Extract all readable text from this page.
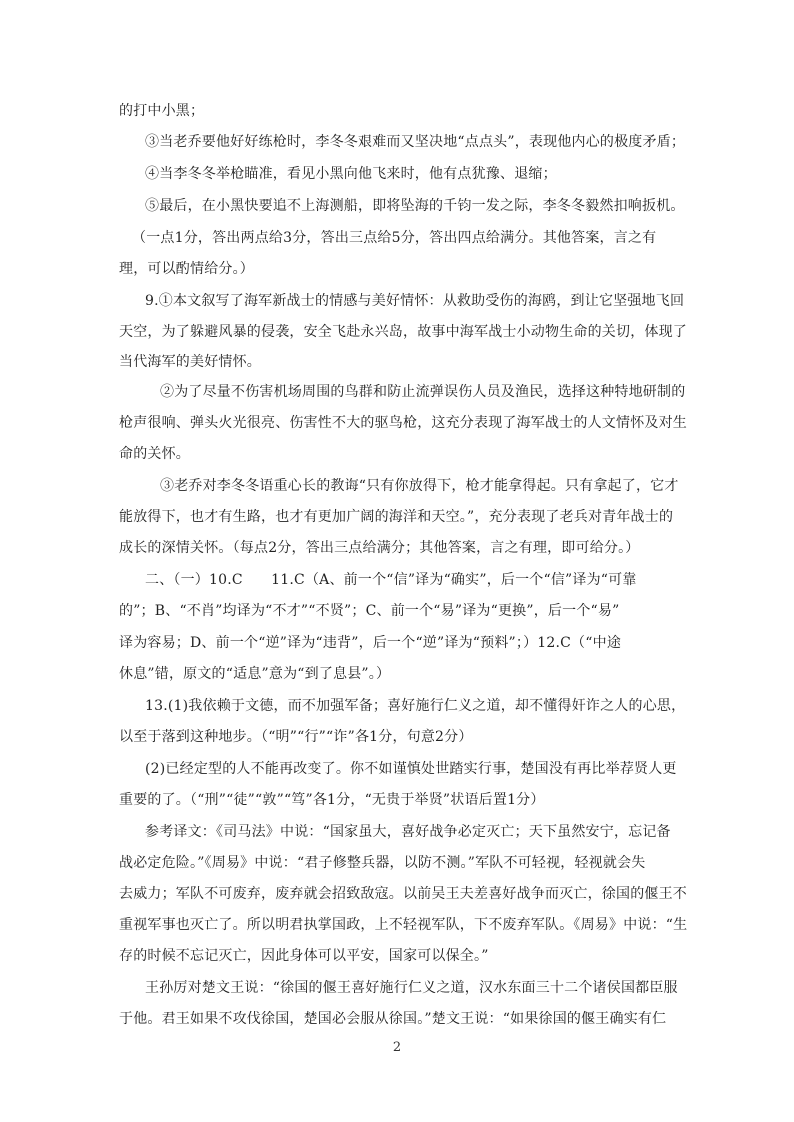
的打中小黑；
③当老乔要他好好练枪时，李冬冬艰难而又坚决地“点点头”，表现他内心的极度矛盾；
④当李冬冬举枪瞄准，看见小黑向他飞来时，他有点犹豫、退缩；
⑤最后，在小黑快要追不上海测船，即将坠海的千钧一发之际，李冬冬毅然扣响扳机。
（一点1分，答出两点给3分，答出三点给5分，答出四点给满分。其他答案，言之有
理，可以酌情给分。）
9.①本文叙写了海军新战士的情感与美好情怀：从救助受伤的海鸥，到让它坚强地飞回
天空，为了躲避风暴的侵袭，安全飞赴永兴岛，故事中海军战士小动物生命的关切，体现了
当代海军的美好情怀。
②为了尽量不伤害机场周围的鸟群和防止流弹误伤人员及渔民，选择这种特地研制的
枪声很响、弹头火光很亮、伤害性不大的驱鸟枪，这充分表现了海军战士的人文情怀及对生
命的关怀。
③老乔对李冬冬语重心长的教诲“只有你放得下，枪才能拿得起。只有拿起了，它才
能放得下，也才有生路，也才有更加广阔的海洋和天空。”，充分表现了老兵对青年战士的
成长的深情关怀。（每点2分，答出三点给满分；其他答案，言之有理，即可给分。）
二、（一）10.C　　11.C（A、前一个“信”译为“确实”，后一个“信”译为“可靠
的”；B、“不肖”均译为“不才”“不贤”；C、前一个“易”译为“更换”，后一个“易”
译为容易；D、前一个“逆”译为“违背”，后一个“逆”译为“预料”；）12.C（“中途
休息”错，原文的“适息”意为“到了息县”。）
13.(1)我依赖于文德，而不加强军备；喜好施行仁义之道，却不懂得奸诈之人的心思，
以至于落到这种地步。（“明”“行”“诈”各1分，句意2分）
(2)已经定型的人不能再改变了。你不如谨慎处世踏实行事，楚国没有再比举荐贤人更
重要的了。（“刑”“徒”“敦”“笃”各1分，“无贵于举贤”状语后置1分）
参考译文：《司马法》中说：“国家虽大，喜好战争必定灭亡；天下虽然安宁，忘记备
战必定危险。”《周易》中说：“君子修整兵器，以防不测。”军队不可轻视，轻视就会失
去威力；军队不可废弃，废弃就会招致敌寇。以前吴王夫差喜好战争而灭亡，徐国的偃王不
重视军事也灭亡了。所以明君执掌国政，上不轻视军队，下不废弃军队。《周易》中说：“生
存的时候不忘记灭亡，因此身体可以平安，国家可以保全。”
王孙厉对楚文王说：“徐国的偃王喜好施行仁义之道，汉水东面三十二个诸侯国都臣服
于他。君王如果不攻伐徐国，楚国必会服从徐国。”楚文王说：“如果徐国的偃王确实有仁
2
